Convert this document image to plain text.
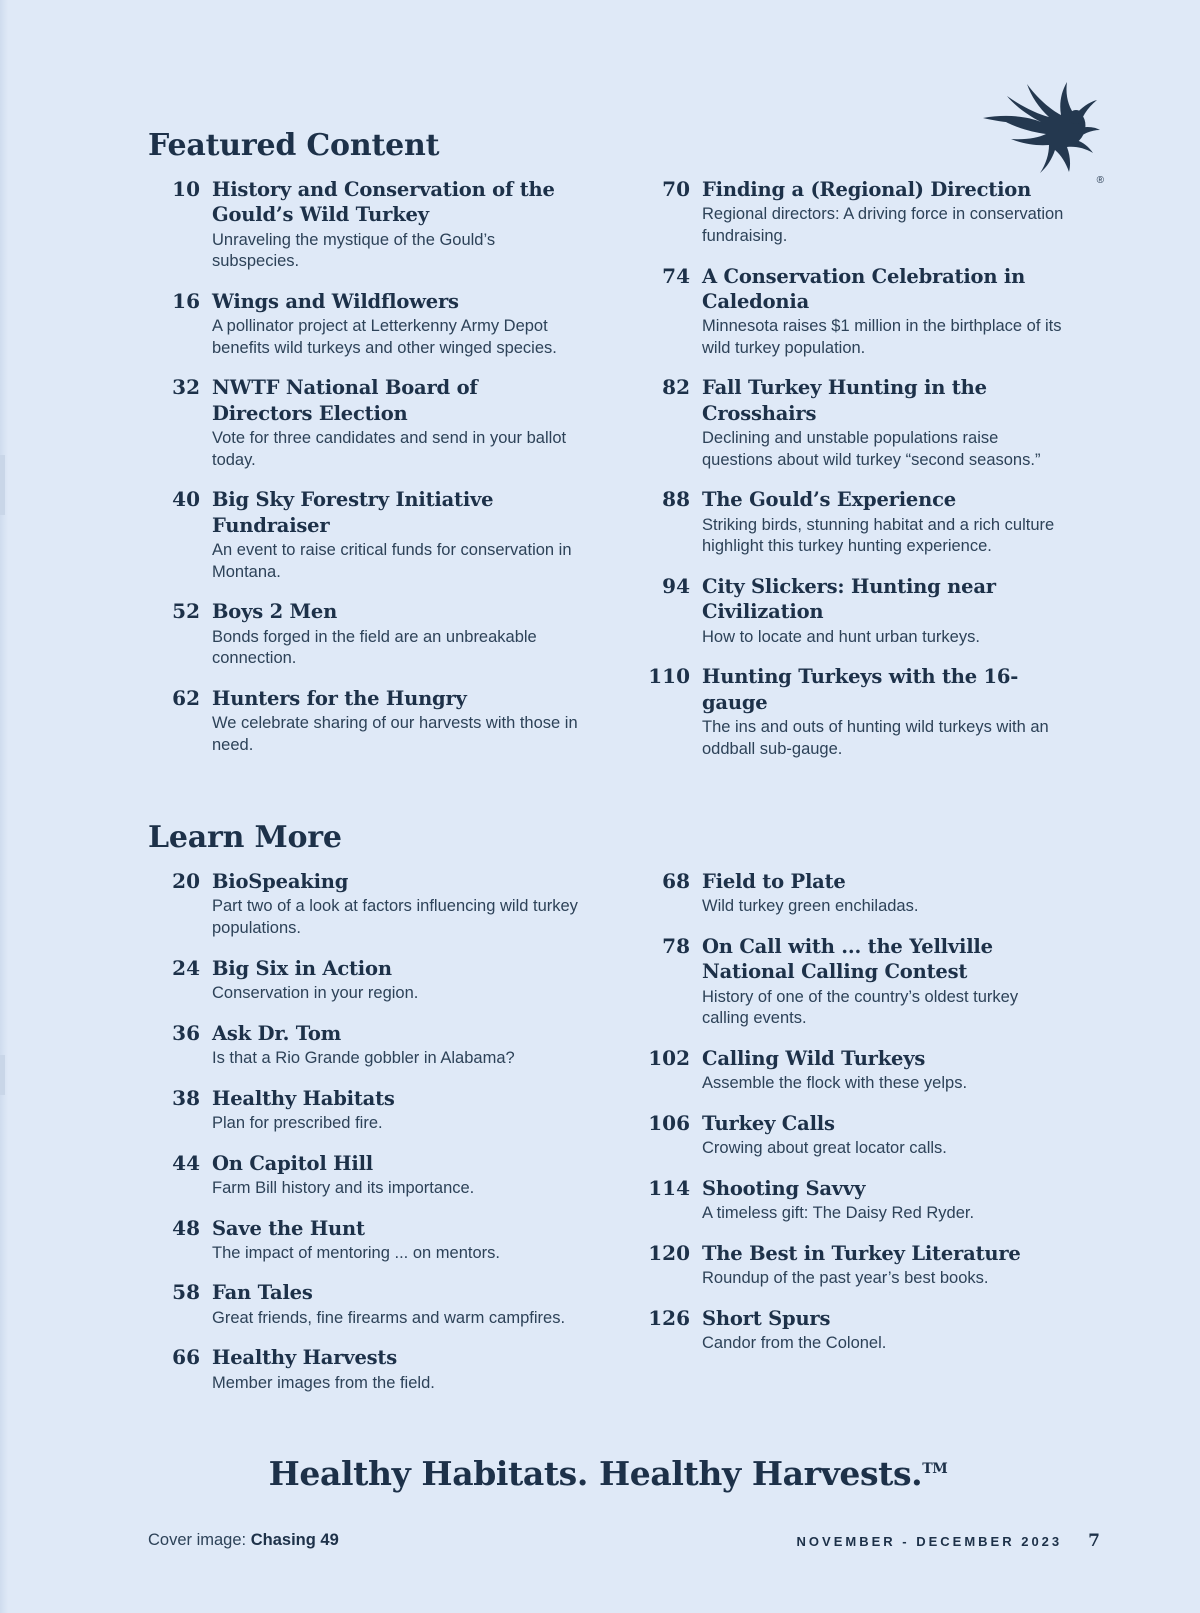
®
Featured Content
10 History and Conservation of the Gould’s Wild Turkey

Unraveling the mystique of the Gould’s subspecies.

16 Wings and Wildflowers

A pollinator project at Letterkenny Army Depot benefits wild turkeys and other winged species.

32 NWTF National Board of Directors Election

Vote for three candidates and send in your ballot today.

40 Big Sky Forestry Initiative Fundraiser

An event to raise critical funds for conservation in Montana.

52 Boys 2 Men

Bonds forged in the field are an unbreakable connection.

62 Hunters for the Hungry

We celebrate sharing of our harvests with those in need.

70 Finding a (Regional) Direction

Regional directors: A driving force in conservation fundraising.

74 A Conservation Celebration in Caledonia

Minnesota raises $1 million in the birthplace of its wild turkey population.

82 Fall Turkey Hunting in the Crosshairs

Declining and unstable populations raise questions about wild turkey “second seasons.”

88 The Gould’s Experience

Striking birds, stunning habitat and a rich culture highlight this turkey hunting experience.

94 City Slickers: Hunting near Civilization

How to locate and hunt urban turkeys.

110 Hunting Turkeys with the 16-gauge

The ins and outs of hunting wild turkeys with an oddball sub-gauge.

Learn More
20 BioSpeaking

Part two of a look at factors influencing wild turkey populations.

24 Big Six in Action

Conservation in your region.

36 Ask Dr. Tom

Is that a Rio Grande gobbler in Alabama?

38 Healthy Habitats

Plan for prescribed fire.

44 On Capitol Hill

Farm Bill history and its importance.

48 Save the Hunt

The impact of mentoring ... on mentors.

58 Fan Tales

Great friends, fine firearms and warm campfires.

66 Healthy Harvests

Member images from the field.

68 Field to Plate

Wild turkey green enchiladas.

78 On Call with ... the Yellville National Calling Contest

History of one of the country’s oldest turkey calling events.

102 Calling Wild Turkeys

Assemble the flock with these yelps.

106 Turkey Calls

Crowing about great locator calls.

114 Shooting Savvy

A timeless gift: The Daisy Red Ryder.

120 The Best in Turkey Literature

Roundup of the past year’s best books.

126 Short Spurs

Candor from the Colonel.

Healthy Habitats. Healthy Harvests.™
Cover image: Chasing 49	NOVEMBER - DECEMBER 2023 7
